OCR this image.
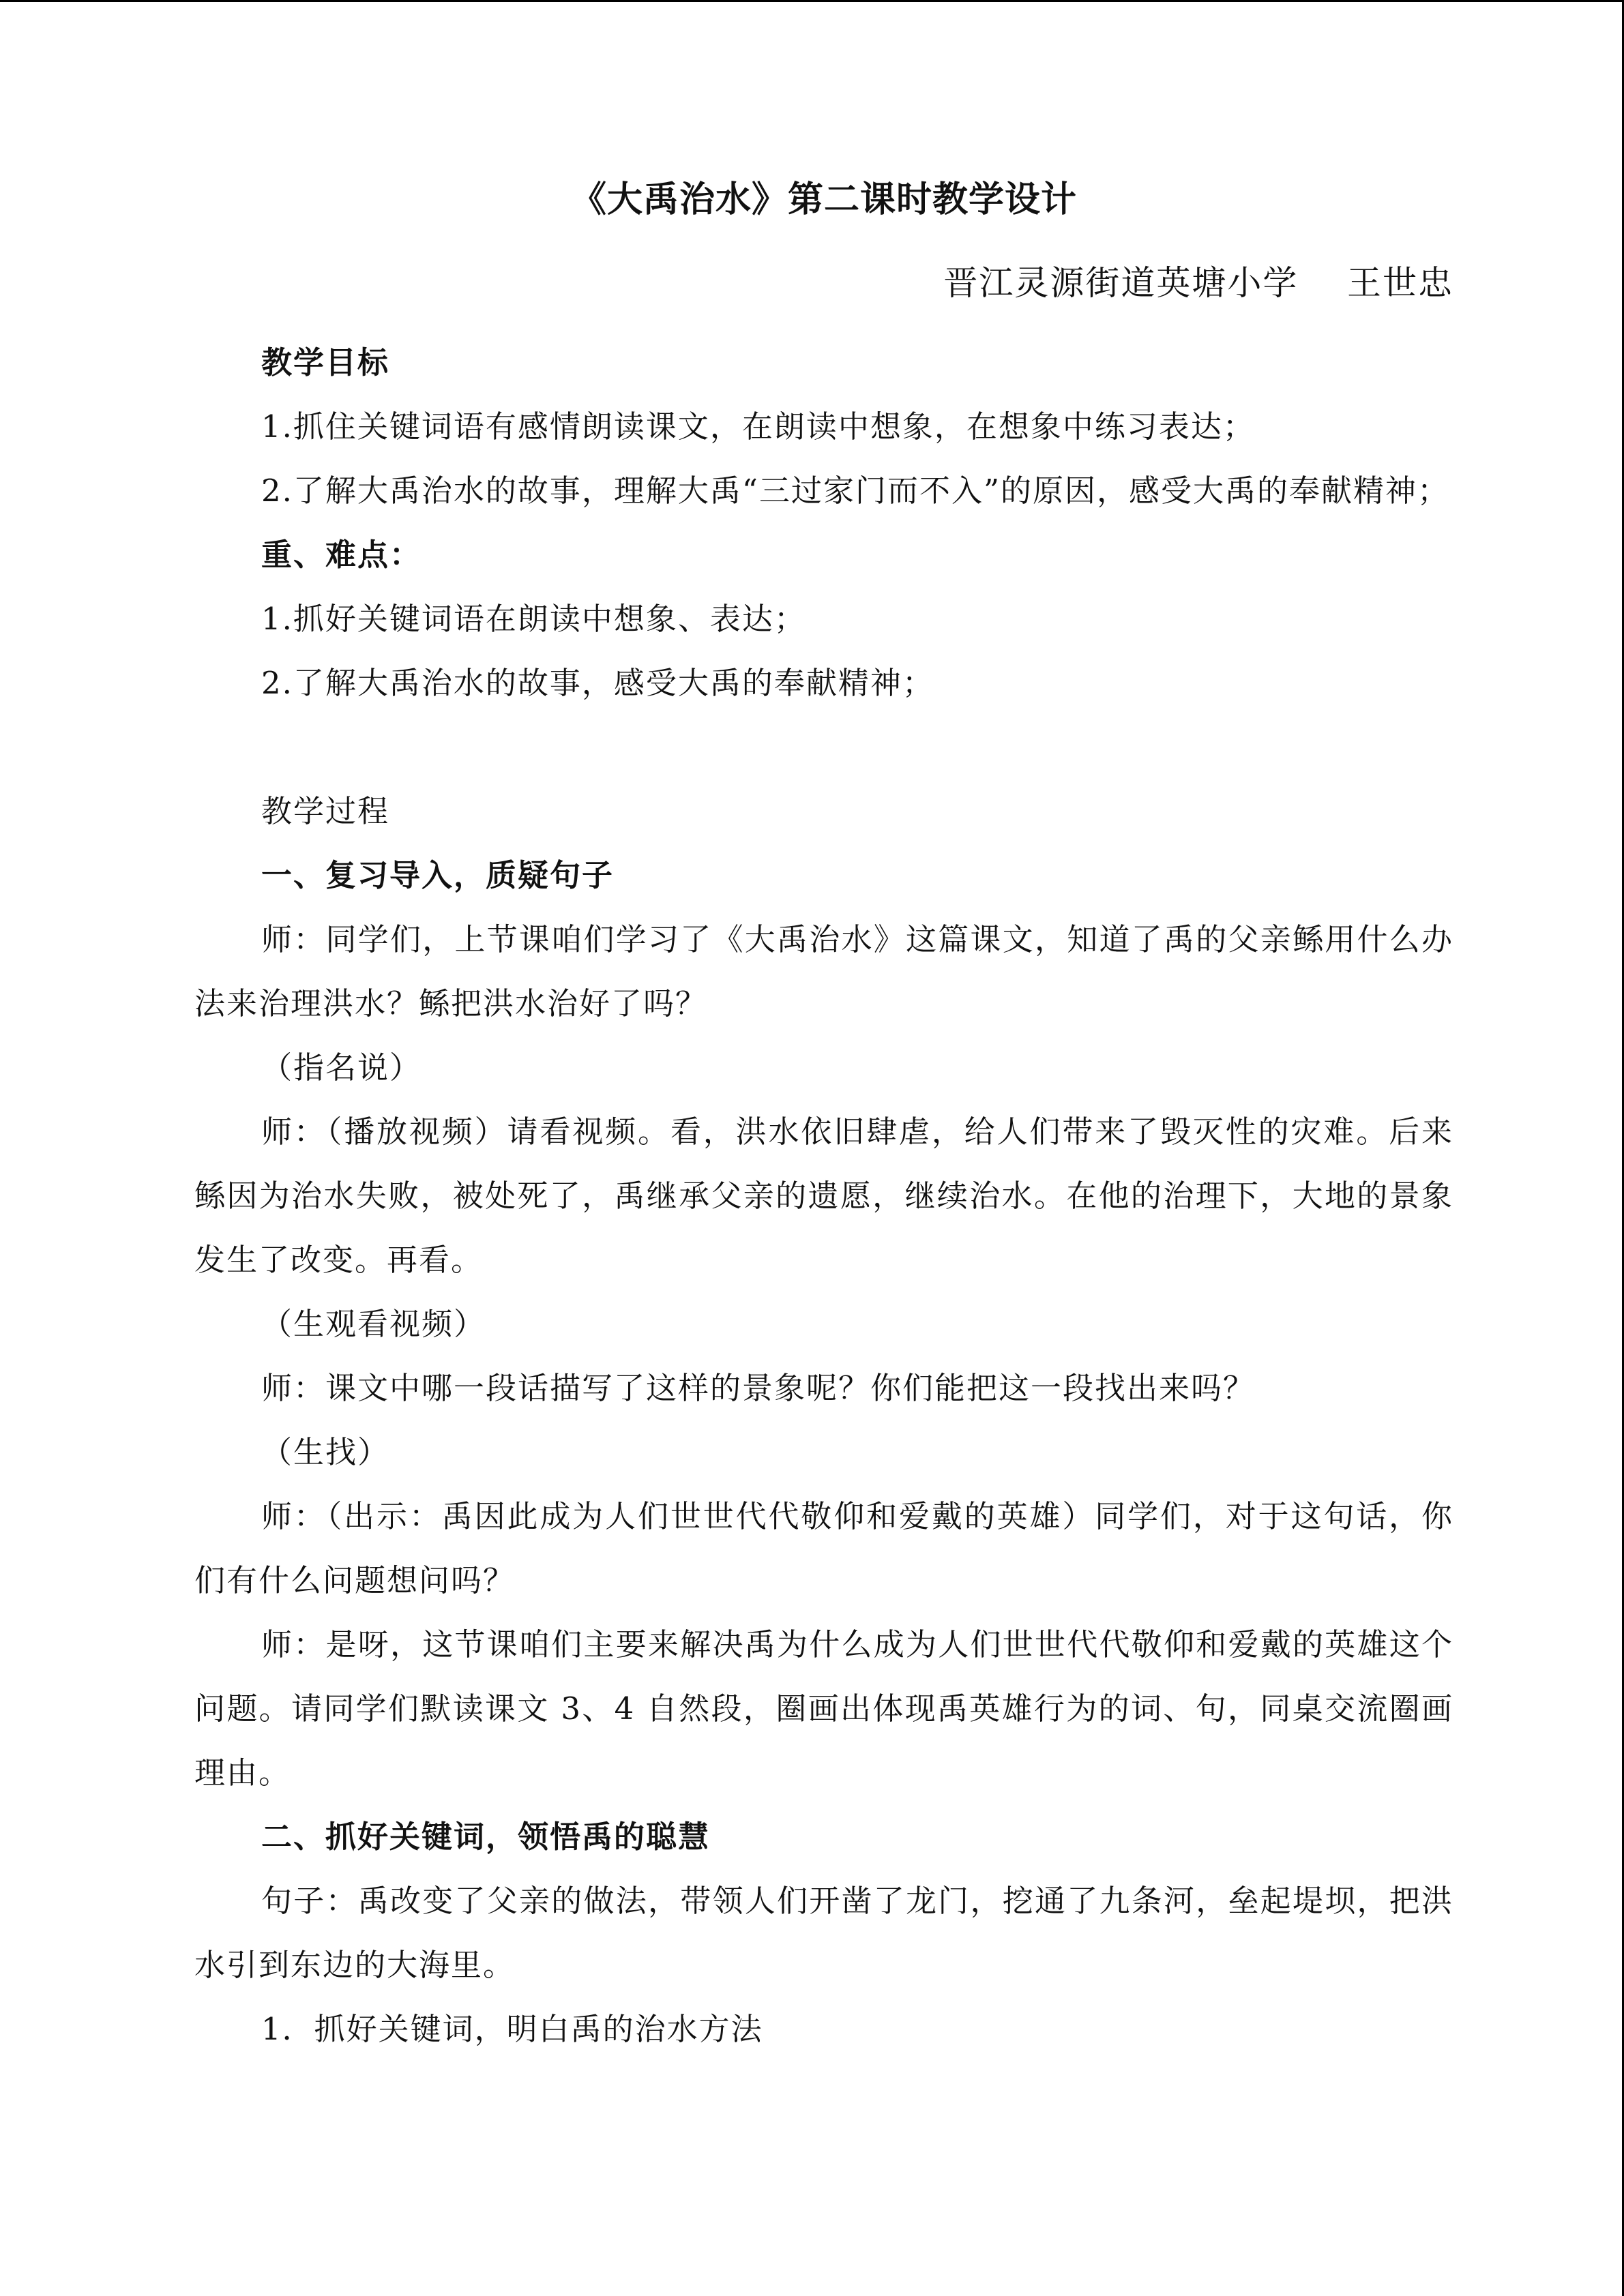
《大禹治水》第二课时教学设计
晋江灵源街道英塘小学    王世忠

教学目标

1.抓住关键词语有感情朗读课文，在朗读中想象，在想象中练习表达；

2.了解大禹治水的故事，理解大禹“三过家门而不入”的原因，感受大禹的奉献精神；

重、难点：

1.抓好关键词语在朗读中想象、表达；

2.了解大禹治水的故事，感受大禹的奉献精神；

教学过程

一、复习导入，质疑句子

师：同学们，上节课咱们学习了《大禹治水》这篇课文，知道了禹的父亲鲧用什么办法来治理洪水？鲧把洪水治好了吗？

（指名说）

师：（播放视频）请看视频。看，洪水依旧肆虐，给人们带来了毁灭性的灾难。后来鲧因为治水失败，被处死了，禹继承父亲的遗愿，继续治水。在他的治理下，大地的景象发生了改变。再看。

（生观看视频）

师：课文中哪一段话描写了这样的景象呢？你们能把这一段找出来吗？

（生找）

师：（出示：禹因此成为人们世世代代敬仰和爱戴的英雄）同学们，对于这句话，你们有什么问题想问吗？

师：是呀，这节课咱们主要来解决禹为什么成为人们世世代代敬仰和爱戴的英雄这个问题。请同学们默读课文 3、4 自然段，圈画出体现禹英雄行为的词、句，同桌交流圈画理由。

二、抓好关键词，领悟禹的聪慧

句子：禹改变了父亲的做法，带领人们开凿了龙门，挖通了九条河，垒起堤坝，把洪水引到东边的大海里。

1．抓好关键词，明白禹的治水方法
